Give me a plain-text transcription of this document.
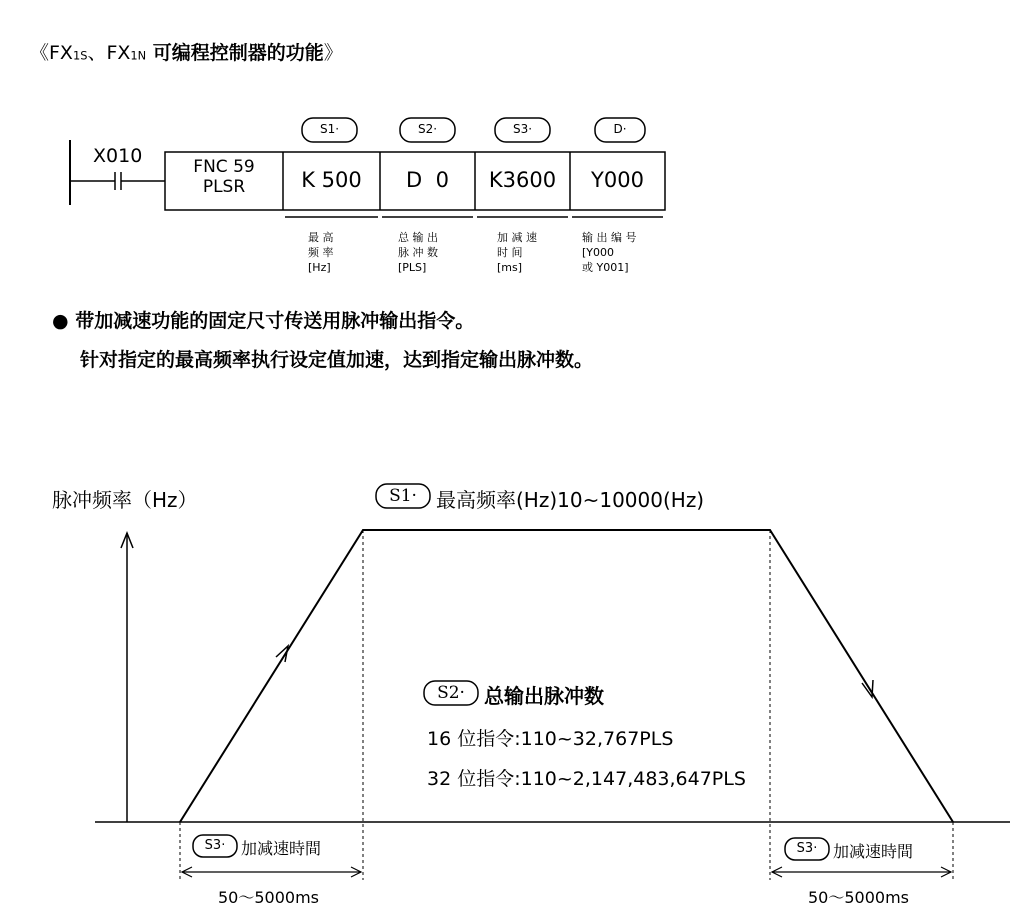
《FX1S、FX1N 可编程控制器的功能》
X010	FNC 59
PLSR
S1·	S2·	S3·	D·
K 500	D  0	K3600	Y000
最 高
频 率
[Hz]
总 输 出
脉 冲 数
[PLS]
加 减 速
时 间
[ms]
输 出 编 号
[Y000
或 Y001]
● 带加减速功能的固定尺寸传送用脉冲输出指令。
针对指定的最高频率执行设定值加速，达到指定输出脉冲数。
脉冲频率（Hz）	S1· 最高频率(Hz)10~10000(Hz)
S2· 总输出脉冲数
16 位指令:110~32,767PLS
32 位指令:110~2,147,483,647PLS
S3· 加减速時間
50～5000ms
S3· 加减速時間
50～5000ms
